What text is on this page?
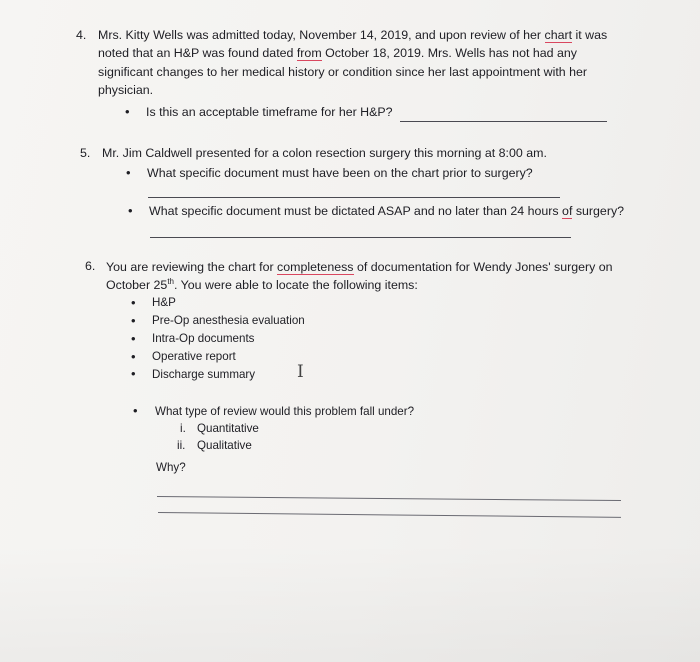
4. Mrs. Kitty Wells was admitted today, November 14, 2019, and upon review of her chart it was
noted that an H&P was found dated from October 18, 2019. Mrs. Wells has not had any
significant changes to her medical history or condition since her last appointment with her
physician.
• Is this an acceptable timeframe for her H&P?
5. Mr. Jim Caldwell presented for a colon resection surgery this morning at 8:00 am.
• What specific document must have been on the chart prior to surgery?
• What specific document must be dictated ASAP and no later than 24 hours of surgery?
6. You are reviewing the chart for completeness of documentation for Wendy Jones' surgery on
October 25th. You were able to locate the following items:
• H&P
• Pre-Op anesthesia evaluation
• Intra-Op documents
• Operative report
• Discharge summary I
• What type of review would this problem fall under?
i. Quantitative
ii. Qualitative
Why?
